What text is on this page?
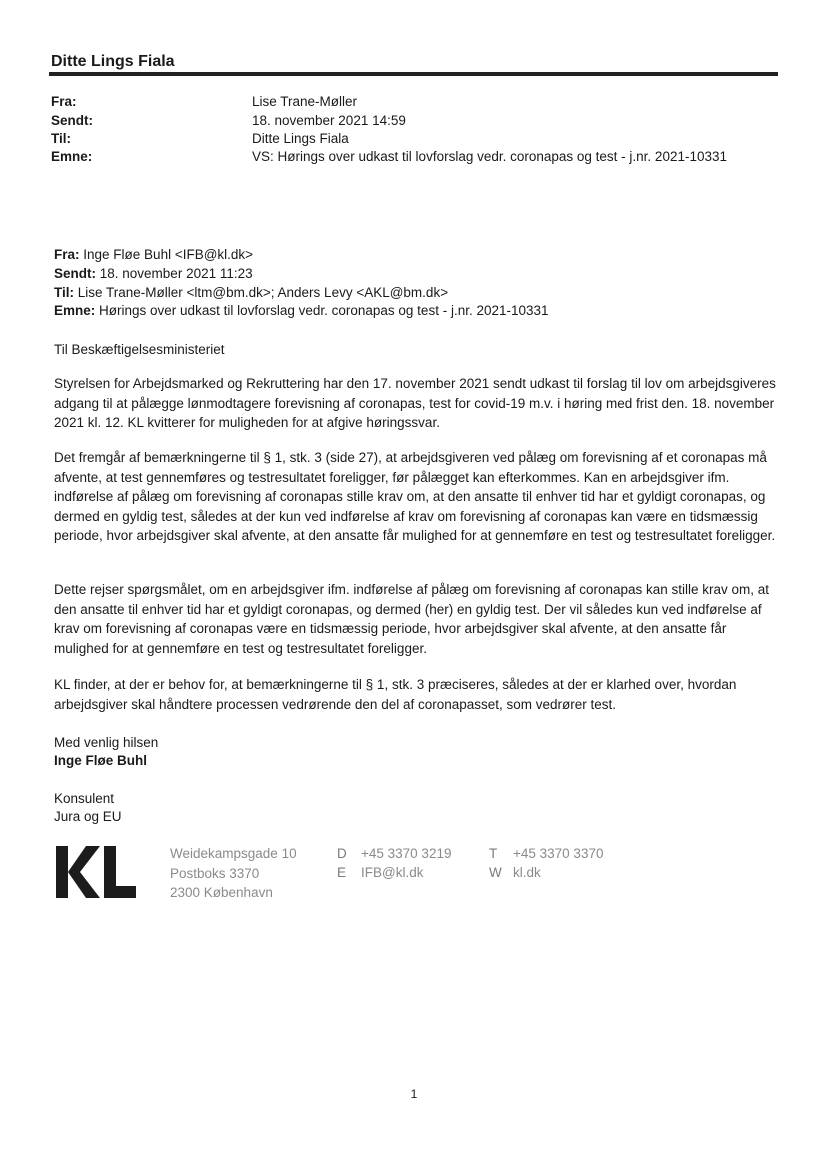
Ditte Lings Fiala
Fra:	Lise Trane-Møller
Sendt:	18. november 2021 14:59
Til:	Ditte Lings Fiala
Emne:	VS: Hørings over udkast til lovforslag vedr. coronapas og test - j.nr. 2021-10331
Fra: Inge Fløe Buhl <IFB@kl.dk>
Sendt: 18. november 2021 11:23
Til: Lise Trane-Møller <ltm@bm.dk>; Anders Levy <AKL@bm.dk>
Emne: Hørings over udkast til lovforslag vedr. coronapas og test - j.nr. 2021-10331
Til Beskæftigelsesministeriet
Styrelsen for Arbejdsmarked og Rekruttering har den 17. november 2021 sendt udkast til forslag til lov om arbejdsgiveres adgang til at pålægge lønmodtagere forevisning af coronapas, test for covid-19 m.v. i høring med frist den. 18. november 2021 kl. 12. KL kvitterer for muligheden for at afgive høringssvar.
Det fremgår af bemærkningerne til § 1, stk. 3 (side 27), at arbejdsgiveren ved pålæg om forevisning af et coronapas må afvente, at test gennemføres og testresultatet foreligger, før pålægget kan efterkommes. Kan en arbejdsgiver ifm. indførelse af pålæg om forevisning af coronapas stille krav om, at den ansatte til enhver tid har et gyldigt coronapas, og dermed en gyldig test, således at der kun ved indførelse af krav om forevisning af coronapas kan være en tidsmæssig periode, hvor arbejdsgiver skal afvente, at den ansatte får mulighed for at gennemføre en test og testresultatet foreligger.
Dette rejser spørgsmålet, om en arbejdsgiver ifm. indførelse af pålæg om forevisning af coronapas kan stille krav om, at den ansatte til enhver tid har et gyldigt coronapas, og dermed (her) en gyldig test. Der vil således kun ved indførelse af krav om forevisning af coronapas være en tidsmæssig periode, hvor arbejdsgiver skal afvente, at den ansatte får mulighed for at gennemføre en test og testresultatet foreligger.
KL finder, at der er behov for, at bemærkningerne til § 1, stk. 3 præciseres, således at der er klarhed over, hvordan arbejdsgiver skal håndtere processen vedrørende den del af coronapasset, som vedrører test.
Med venlig hilsen
Inge Fløe Buhl
Konsulent
Jura og EU
Weidekampsgade 10
Postboks 3370
2300 København
D +45 3370 3219
E IFB@kl.dk
T +45 3370 3370
W kl.dk
1
